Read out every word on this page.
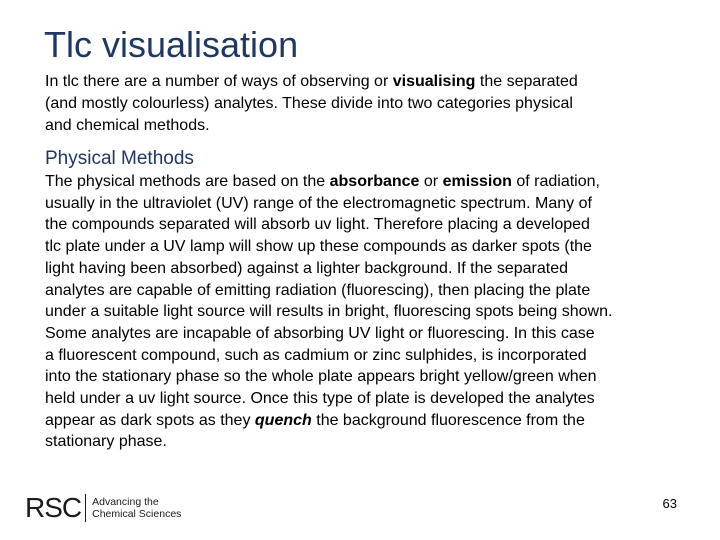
Tlc visualisation

In tlc there are a number of ways of observing or visualising the separated
(and mostly colourless) analytes. These divide into two categories physical
and chemical methods.

Physical Methods

The physical methods are based on the absorbance or emission of radiation,
usually in the ultraviolet (UV) range of the electromagnetic spectrum. Many of
the compounds separated will absorb uv light. Therefore placing a developed
tlc plate under a UV lamp will show up these compounds as darker spots (the
light having been absorbed) against a lighter background. If the separated
analytes are capable of emitting radiation (fluorescing), then placing the plate
under a suitable light source will results in bright, fluorescing spots being shown.
Some analytes are incapable of absorbing UV light or fluorescing. In this case
a fluorescent compound, such as cadmium or zinc sulphides, is incorporated
into the stationary phase so the whole plate appears bright yellow/green when
held under a uv light source. Once this type of plate is developed the analytes
appear as dark spots as they quench the background fluorescence from the
stationary phase.

RSC Advancing the
Chemical Sciences
63
